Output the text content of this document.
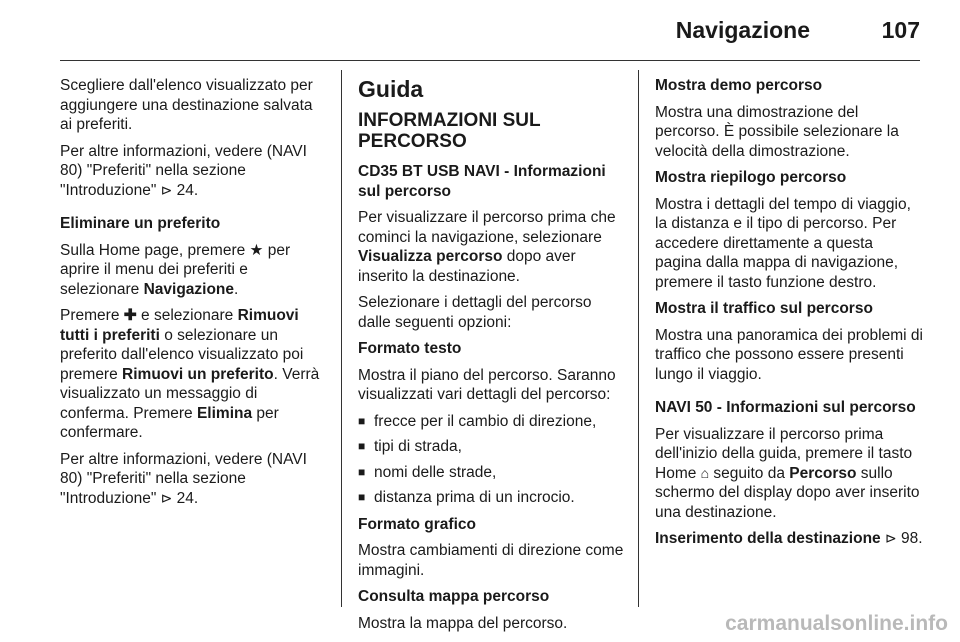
Navigazione	107

Scegliere dall'elenco visualizzato per aggiungere una destinazione salvata ai preferiti.

Per altre informazioni, vedere (NAVI 80) "Preferiti" nella sezione "Introduzione" ⊳ 24.

Eliminare un preferito

Sulla Home page, premere ★ per aprire il menu dei preferiti e selezionare Navigazione.

Premere ✚ e selezionare Rimuovi tutti i preferiti o selezionare un preferito dall'elenco visualizzato poi premere Rimuovi un preferito. Verrà visualizzato un messaggio di conferma. Premere Elimina per confermare.

Per altre informazioni, vedere (NAVI 80) "Preferiti" nella sezione "Introduzione" ⊳ 24.

Guida
INFORMAZIONI SUL PERCORSO

CD35 BT USB NAVI - Informazioni sul percorso

Per visualizzare il percorso prima che cominci la navigazione, selezionare Visualizza percorso dopo aver inserito la destinazione.

Selezionare i dettagli del percorso dalle seguenti opzioni:

Formato testo

Mostra il piano del percorso. Saranno visualizzati vari dettagli del percorso:

■ frecce per il cambio di direzione,
■ tipi di strada,
■ nomi delle strade,
■ distanza prima di un incrocio.

Formato grafico

Mostra cambiamenti di direzione come immagini.

Consulta mappa percorso

Mostra la mappa del percorso.

Mostra demo percorso

Mostra una dimostrazione del percorso. È possibile selezionare la velocità della dimostrazione.

Mostra riepilogo percorso

Mostra i dettagli del tempo di viaggio, la distanza e il tipo di percorso. Per accedere direttamente a questa pagina dalla mappa di navigazione, premere il tasto funzione destro.

Mostra il traffico sul percorso

Mostra una panoramica dei problemi di traffico che possono essere presenti lungo il viaggio.

NAVI 50 - Informazioni sul percorso

Per visualizzare il percorso prima dell'inizio della guida, premere il tasto Home ⌂ seguito da Percorso sullo schermo del display dopo aver inserito una destinazione.

Inserimento della destinazione ⊳ 98.

carmanualsonline.info
